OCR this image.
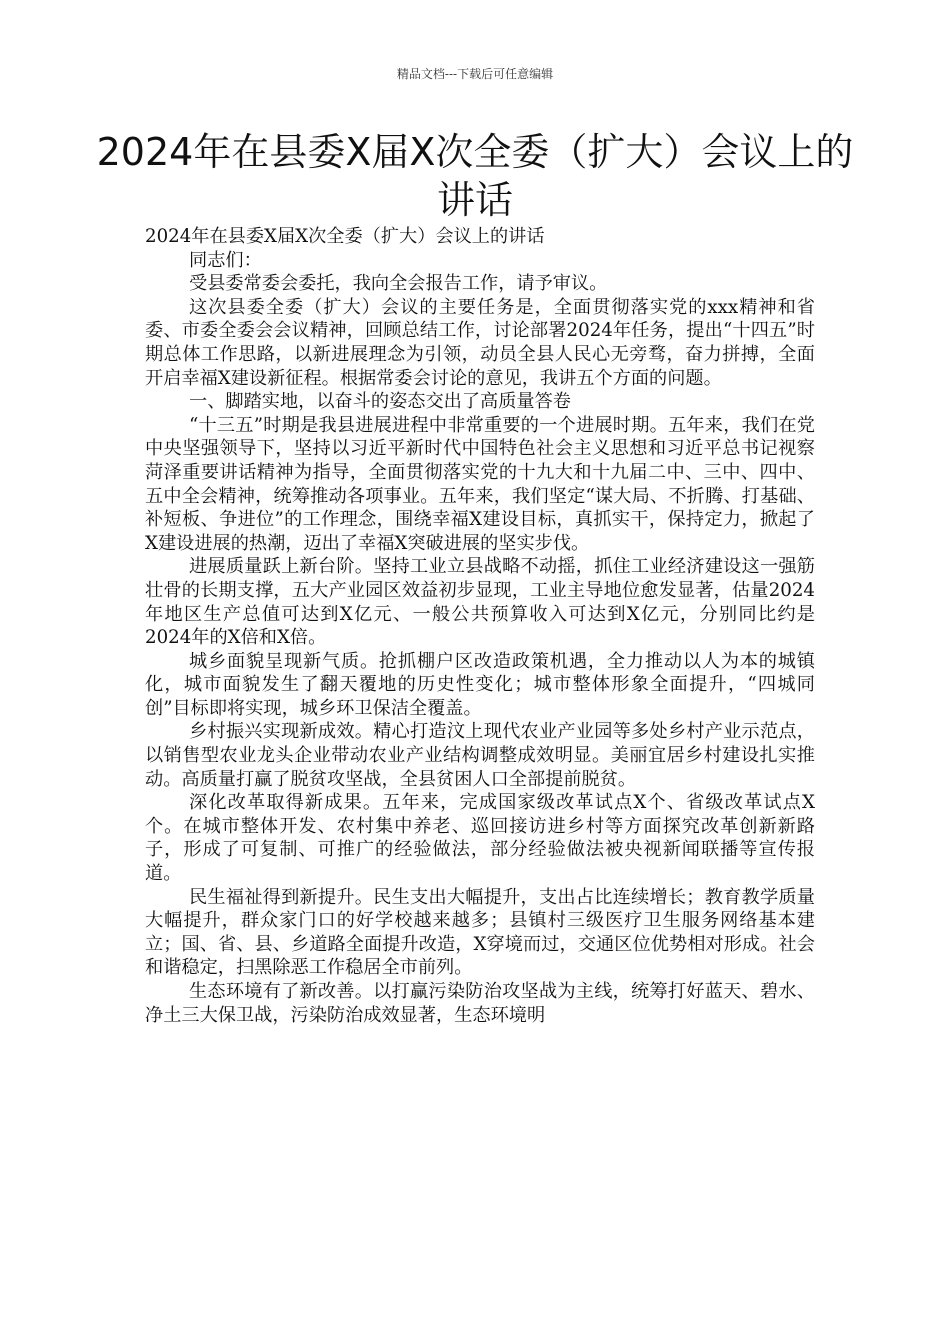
精品文档---下载后可任意编辑
2024年在县委X届X次全委（扩大）会议上的讲话

2024年在县委X届X次全委（扩大）会议上的讲话

同志们：

受县委常委会委托，我向全会报告工作，请予审议。

这次县委全委（扩大）会议的主要任务是，全面贯彻落实党的xxx精神和省委、市委全委会会议精神，回顾总结工作，讨论部署2024年任务，提出“十四五”时期总体工作思路，以新进展理念为引领，动员全县人民心无旁骛，奋力拼搏，全面开启幸福X建设新征程。根据常委会讨论的意见，我讲五个方面的问题。

一、脚踏实地，以奋斗的姿态交出了高质量答卷

“十三五”时期是我县进展进程中非常重要的一个进展时期。五年来，我们在党中央坚强领导下，坚持以习近平新时代中国特色社会主义思想和习近平总书记视察菏泽重要讲话精神为指导，全面贯彻落实党的十九大和十九届二中、三中、四中、五中全会精神，统筹推动各项事业。五年来，我们坚定“谋大局、不折腾、打基础、补短板、争进位”的工作理念，围绕幸福X建设目标，真抓实干，保持定力，掀起了X建设进展的热潮，迈出了幸福X突破进展的坚实步伐。

进展质量跃上新台阶。坚持工业立县战略不动摇，抓住工业经济建设这一强筋壮骨的长期支撑，五大产业园区效益初步显现，工业主导地位愈发显著，估量2024年地区生产总值可达到X亿元、一般公共预算收入可达到X亿元，分别同比约是2024年的X倍和X倍。

城乡面貌呈现新气质。抢抓棚户区改造政策机遇，全力推动以人为本的城镇化，城市面貌发生了翻天覆地的历史性变化；城市整体形象全面提升，“四城同创”目标即将实现，城乡环卫保洁全覆盖。

乡村振兴实现新成效。精心打造汶上现代农业产业园等多处乡村产业示范点，以销售型农业龙头企业带动农业产业结构调整成效明显。美丽宜居乡村建设扎实推动。高质量打赢了脱贫攻坚战，全县贫困人口全部提前脱贫。

深化改革取得新成果。五年来，完成国家级改革试点X个、省级改革试点X个。在城市整体开发、农村集中养老、巡回接访进乡村等方面探究改革创新新路子，形成了可复制、可推广的经验做法，部分经验做法被央视新闻联播等宣传报道。

民生福祉得到新提升。民生支出大幅提升，支出占比连续增长；教育教学质量大幅提升，群众家门口的好学校越来越多；县镇村三级医疗卫生服务网络基本建立；国、省、县、乡道路全面提升改造，X穿境而过，交通区位优势相对形成。社会和谐稳定，扫黑除恶工作稳居全市前列。

生态环境有了新改善。以打赢污染防治攻坚战为主线，统筹打好蓝天、碧水、净土三大保卫战，污染防治成效显著，生态环境明
